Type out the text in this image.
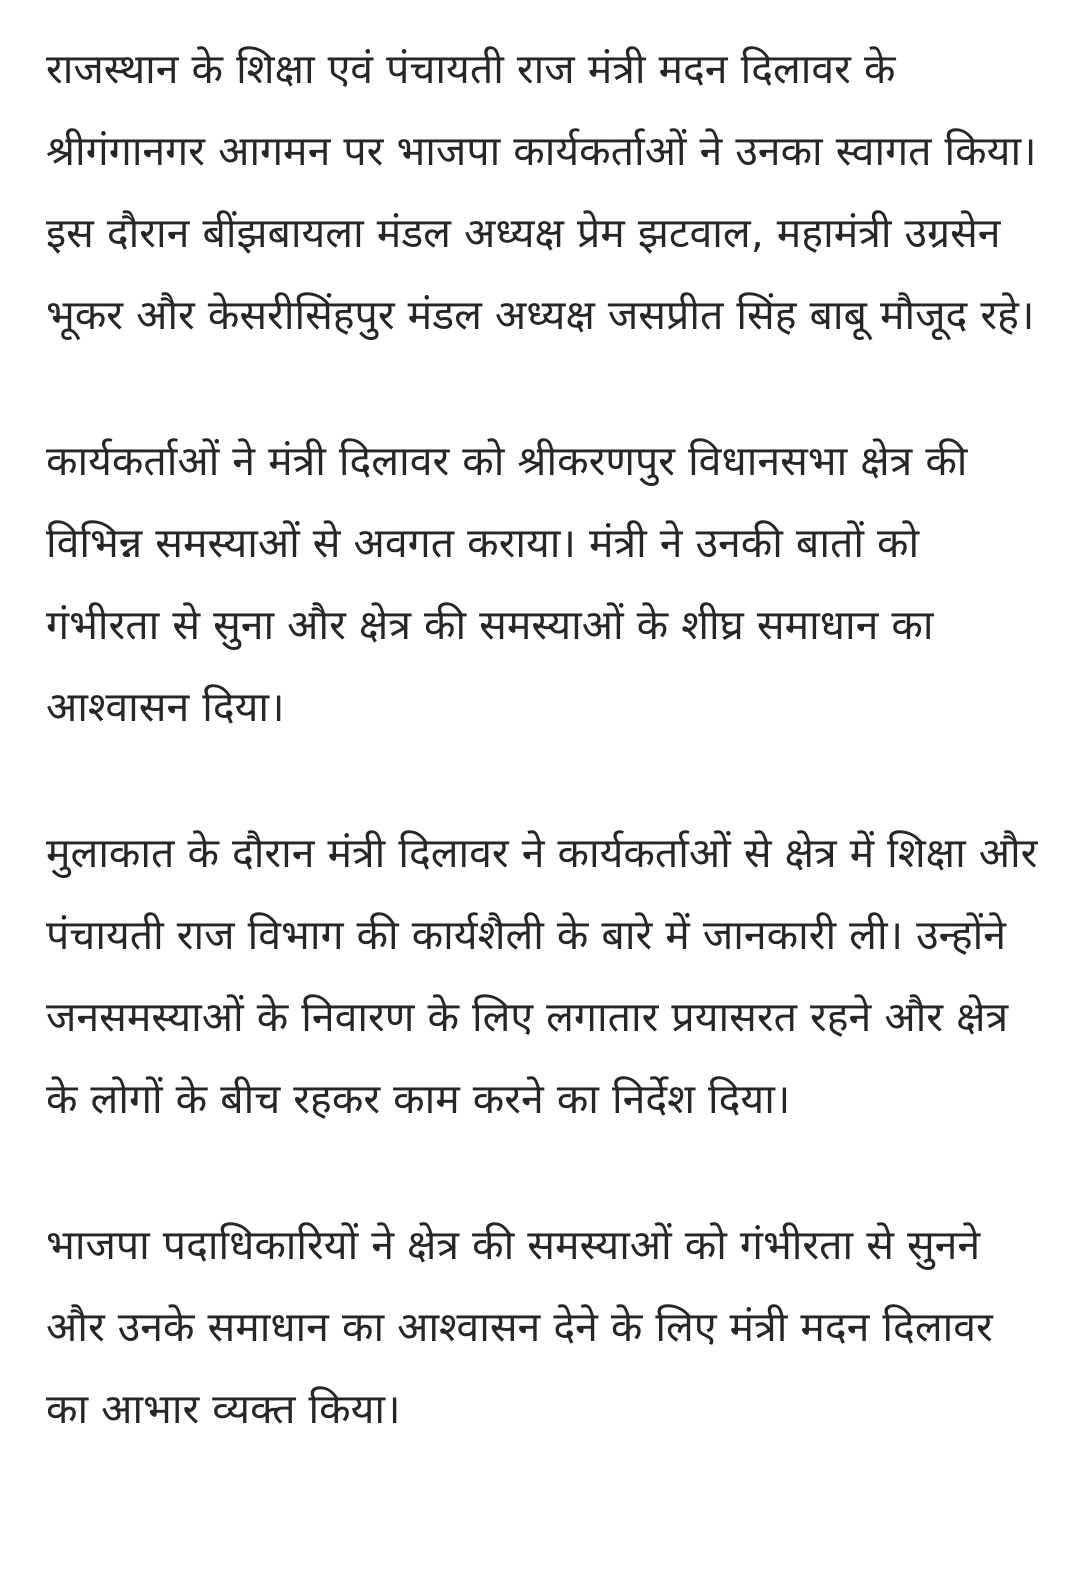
राजस्थान के शिक्षा एवं पंचायती राज मंत्री मदन दिलावर के श्रीगंगानगर आगमन पर भाजपा कार्यकर्ताओं ने उनका स्वागत किया। इस दौरान बींझबायला मंडल अध्यक्ष प्रेम झटवाल, महामंत्री उग्रसेन भूकर और केसरीसिंहपुर मंडल अध्यक्ष जसप्रीत सिंह बाबू मौजूद रहे।

कार्यकर्ताओं ने मंत्री दिलावर को श्रीकरणपुर विधानसभा क्षेत्र की विभिन्न समस्याओं से अवगत कराया। मंत्री ने उनकी बातों को गंभीरता से सुना और क्षेत्र की समस्याओं के शीघ्र समाधान का आश्वासन दिया।

मुलाकात के दौरान मंत्री दिलावर ने कार्यकर्ताओं से क्षेत्र में शिक्षा और पंचायती राज विभाग की कार्यशैली के बारे में जानकारी ली। उन्होंने जनसमस्याओं के निवारण के लिए लगातार प्रयासरत रहने और क्षेत्र के लोगों के बीच रहकर काम करने का निर्देश दिया।

भाजपा पदाधिकारियों ने क्षेत्र की समस्याओं को गंभीरता से सुनने और उनके समाधान का आश्वासन देने के लिए मंत्री मदन दिलावर का आभार व्यक्त किया।
